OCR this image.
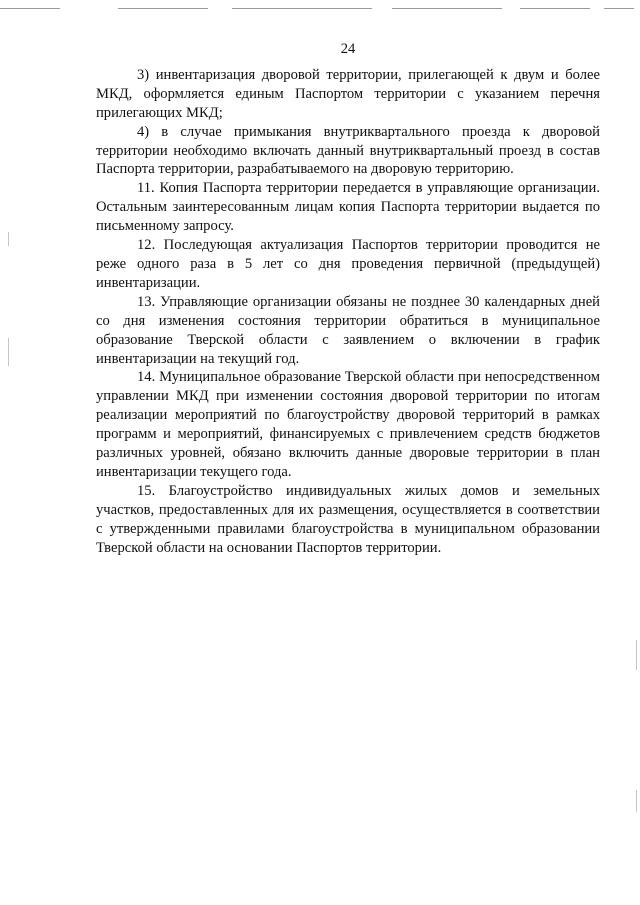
24

3) инвентаризация дворовой территории, прилегающей к двум и более МКД, оформляется единым Паспортом территории с указанием перечня прилегающих МКД;

4) в случае примыкания внутриквартального проезда к дворовой территории необходимо включать данный внутриквартальный проезд в состав Паспорта территории, разрабатываемого на дворовую территорию.

11. Копия Паспорта территории передается в управляющие организации. Остальным заинтересованным лицам копия Паспорта территории выдается по письменному запросу.

12. Последующая актуализация Паспортов территории проводится не реже одного раза в 5 лет со дня проведения первичной (предыдущей) инвентаризации.

13. Управляющие организации обязаны не позднее 30 календарных дней со дня изменения состояния территории обратиться в муниципальное образование Тверской области с заявлением о включении в график инвентаризации на текущий год.

14. Муниципальное образование Тверской области при непосредственном управлении МКД при изменении состояния дворовой территории по итогам реализации мероприятий по благоустройству дворовой территорий в рамках программ и мероприятий, финансируемых с привлечением средств бюджетов различных уровней, обязано включить данные дворовые территории в план инвентаризации текущего года.

15. Благоустройство индивидуальных жилых домов и земельных участков, предоставленных для их размещения, осуществляется в соответствии с утвержденными правилами благоустройства в муниципальном образовании Тверской области на основании Паспортов территории.
